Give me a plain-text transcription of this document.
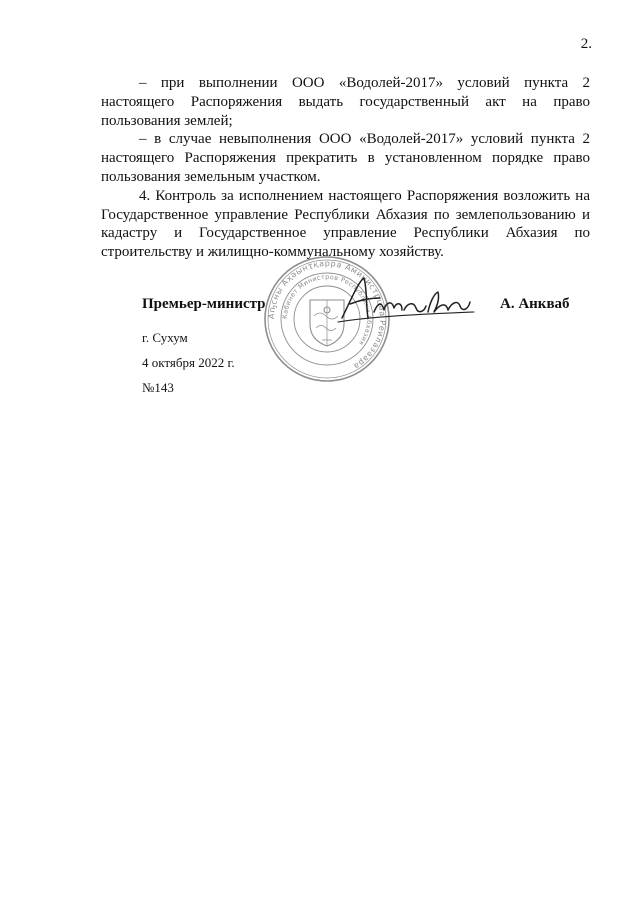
2.

– при выполнении ООО «Водолей-2017» условий пункта 2 настоящего Распоряжения выдать государственный акт на право пользования землей;

– в случае невыполнения ООО «Водолей-2017» условий пункта 2 настоящего Распоряжения прекратить в установленном порядке право пользования земельным участком.

4. Контроль за исполнением настоящего Распоряжения возложить на Государственное управление Республики Абхазия по землепользованию и кадастру и Государственное управление Республики Абхазия по строительству и жилищно-коммунальному хозяйству.

Премьер-министр	А. Анкваб
Аҧсны Аҳәынҭқарра Аминистрцәа Реилазаара
Кабинет Министров Республики Абхазия
г. Сухум
4 октября 2022 г.
№143
